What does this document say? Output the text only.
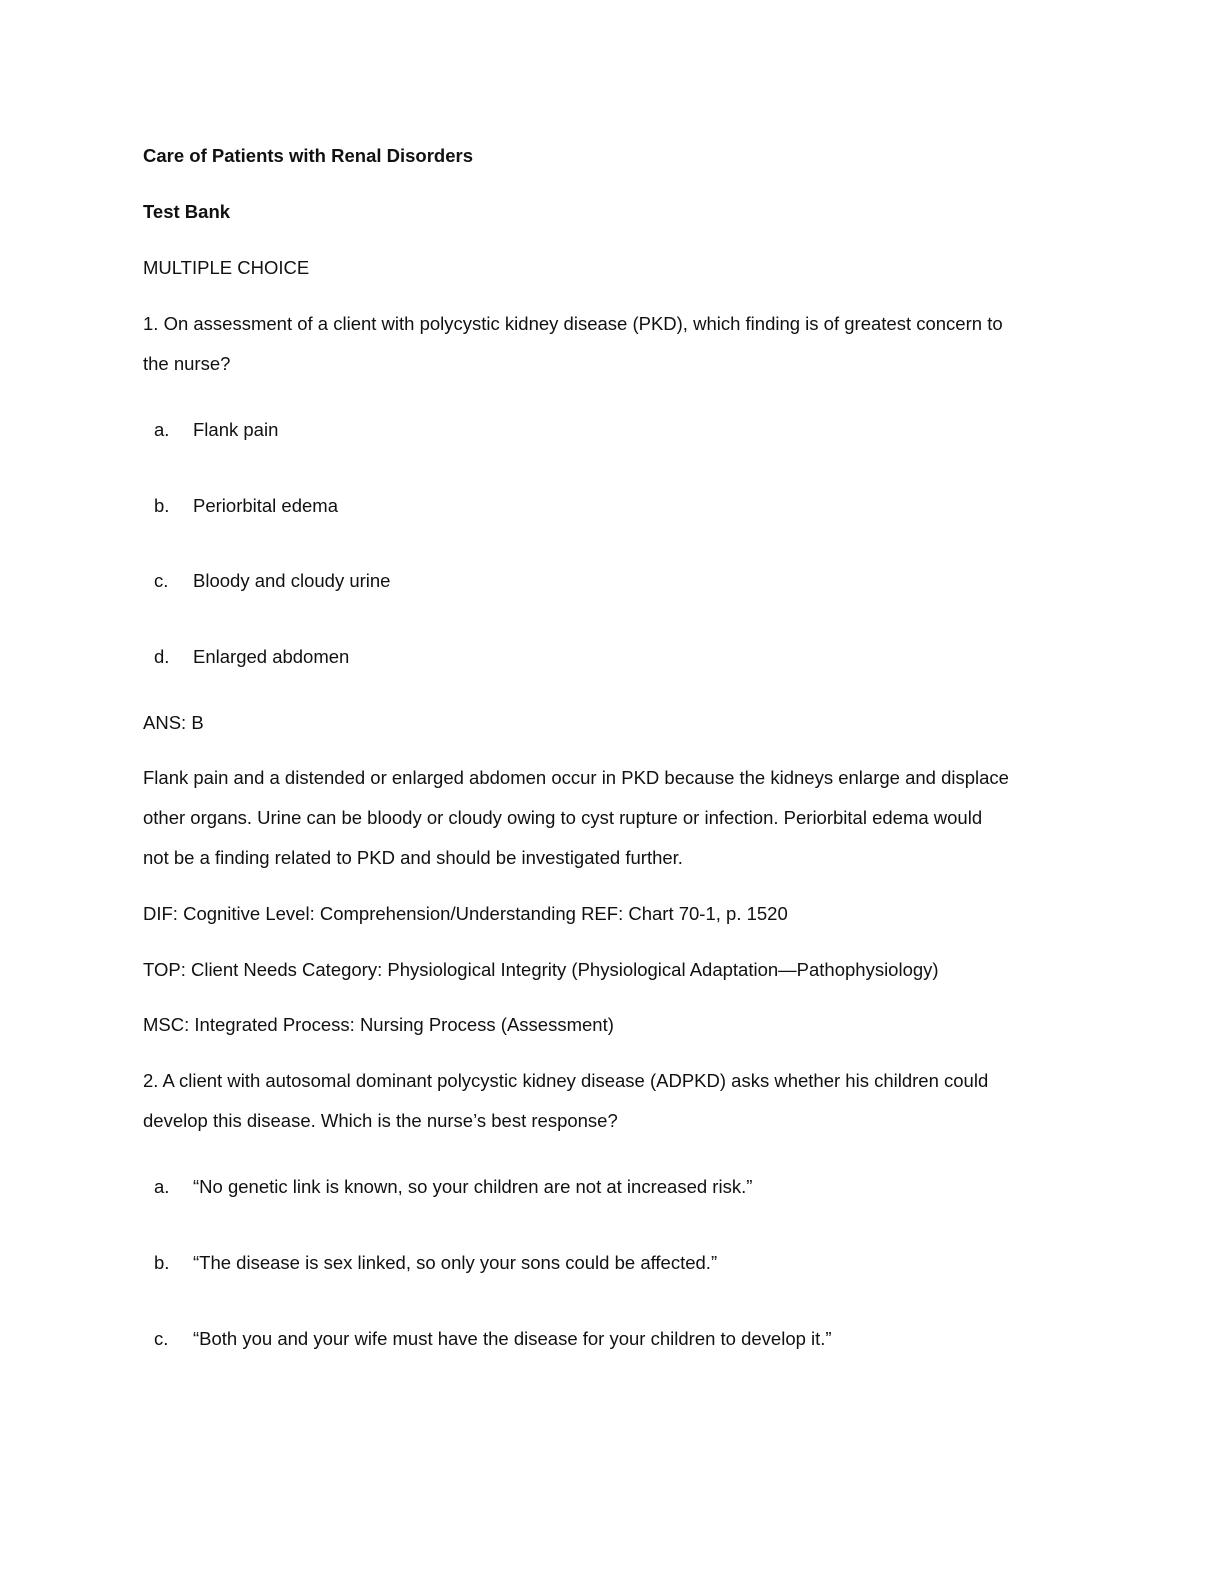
Care of Patients with Renal Disorders
Test Bank
MULTIPLE CHOICE
1. On assessment of a client with polycystic kidney disease (PKD), which finding is of greatest concern to
the nurse?
a. Flank pain
b. Periorbital edema
c. Bloody and cloudy urine
d. Enlarged abdomen
ANS: B
Flank pain and a distended or enlarged abdomen occur in PKD because the kidneys enlarge and displace
other organs. Urine can be bloody or cloudy owing to cyst rupture or infection. Periorbital edema would
not be a finding related to PKD and should be investigated further.
DIF: Cognitive Level: Comprehension/Understanding REF: Chart 70-1, p. 1520
TOP: Client Needs Category: Physiological Integrity (Physiological Adaptation—Pathophysiology)
MSC: Integrated Process: Nursing Process (Assessment)
2. A client with autosomal dominant polycystic kidney disease (ADPKD) asks whether his children could
develop this disease. Which is the nurse’s best response?
a. “No genetic link is known, so your children are not at increased risk.”
b. “The disease is sex linked, so only your sons could be affected.”
c. “Both you and your wife must have the disease for your children to develop it.”
